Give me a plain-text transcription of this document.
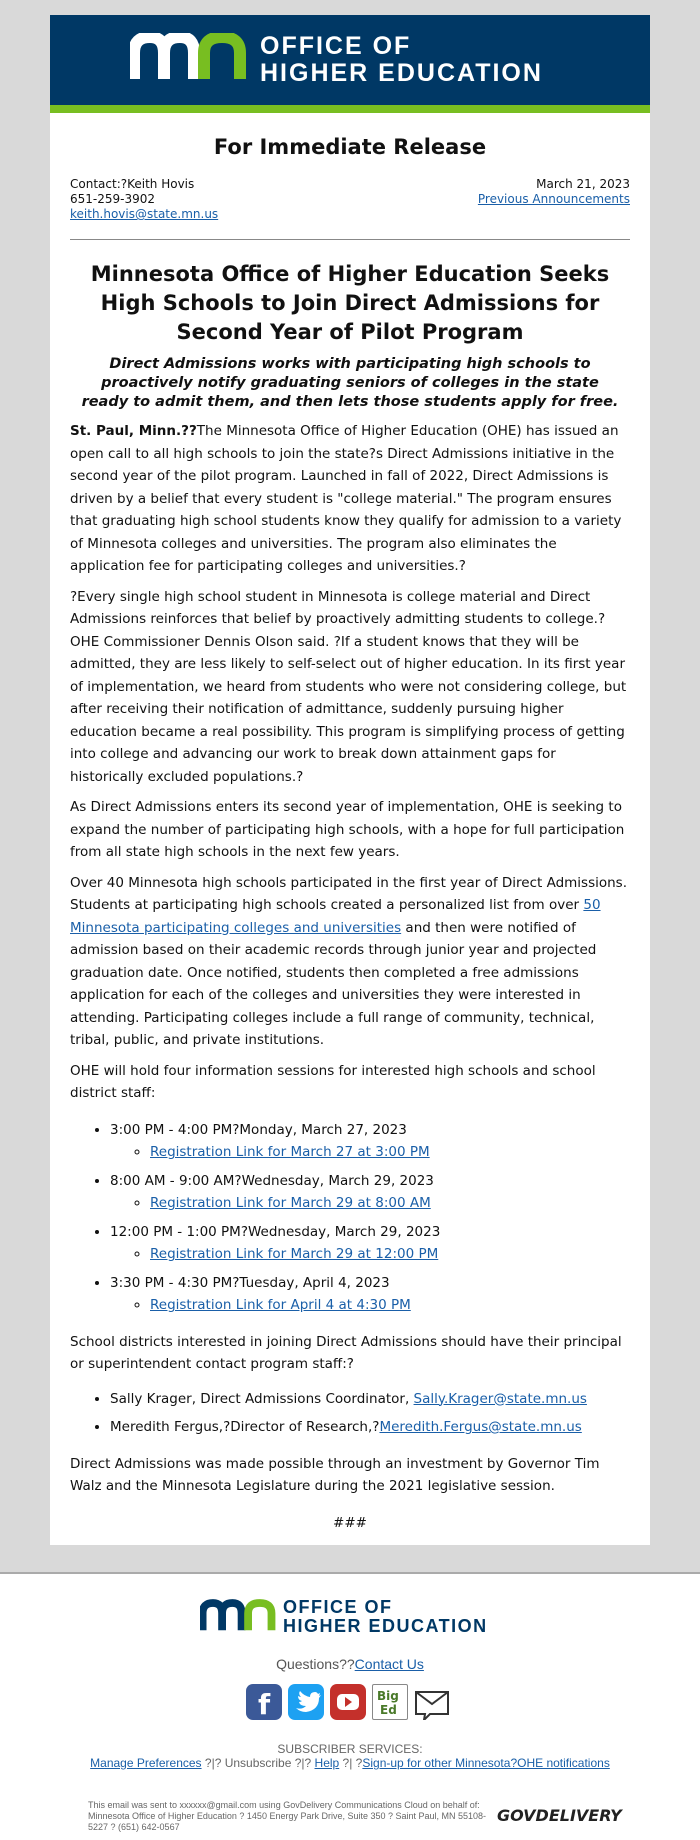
OFFICE OF
HIGHER EDUCATION
For Immediate Release
Contact:?Keith Hovis
651-259-3902
keith.hovis@state.mn.us
March 21, 2023
Previous Announcements
Minnesota Office of Higher Education Seeks High Schools to Join Direct Admissions for Second Year of Pilot Program
Direct Admissions works with participating high schools to proactively notify graduating seniors of colleges in the state ready to admit them, and then lets those students apply for free.

St. Paul, Minn.??The Minnesota Office of Higher Education (OHE) has issued an open call to all high schools to join the state?s Direct Admissions initiative in the second year of the pilot program. Launched in fall of 2022, Direct Admissions is driven by a belief that every student is "college material." The program ensures that graduating high school students know they qualify for admission to a variety of Minnesota colleges and universities. The program also eliminates the application fee for participating colleges and universities.?

?Every single high school student in Minnesota is college material and Direct Admissions reinforces that belief by proactively admitting students to college.? OHE Commissioner Dennis Olson said. ?If a student knows that they will be admitted, they are less likely to self-select out of higher education. In its first year of implementation, we heard from students who were not considering college, but after receiving their notification of admittance, suddenly pursuing higher education became a real possibility. This program is simplifying process of getting into college and advancing our work to break down attainment gaps for historically excluded populations.?

As Direct Admissions enters its second year of implementation, OHE is seeking to expand the number of participating high schools, with a hope for full participation from all state high schools in the next few years.

Over 40 Minnesota high schools participated in the first year of Direct Admissions. Students at participating high schools created a personalized list from over 50 Minnesota participating colleges and universities and then were notified of admission based on their academic records through junior year and projected graduation date. Once notified, students then completed a free admissions application for each of the colleges and universities they were interested in attending. Participating colleges include a full range of community, technical, tribal, public, and private institutions.

OHE will hold four information sessions for interested high schools and school district staff:

• 3:00 PM - 4:00 PM?Monday, March 27, 2023
◦ Registration Link for March 27 at 3:00 PM
• 8:00 AM - 9:00 AM?Wednesday, March 29, 2023
◦ Registration Link for March 29 at 8:00 AM
• 12:00 PM - 1:00 PM?Wednesday, March 29, 2023
◦ Registration Link for March 29 at 12:00 PM
• 3:30 PM - 4:30 PM?Tuesday, April 4, 2023
◦ Registration Link for April 4 at 4:30 PM

School districts interested in joining Direct Admissions should have their principal or superintendent contact program staff:?

• Sally Krager, Direct Admissions Coordinator, Sally.Krager@state.mn.us
• Meredith Fergus,?Director of Research,?Meredith.Fergus@state.mn.us

Direct Admissions was made possible through an investment by Governor Tim Walz and the Minnesota Legislature during the 2021 legislative session.

###
OFFICE OF
HIGHER EDUCATION
Questions??Contact Us
f	Big
Ed
SUBSCRIBER SERVICES:
Manage Preferences ?|? Unsubscribe ?|? Help ?| ?Sign-up for other Minnesota?OHE notifications
This email was sent to xxxxxx@gmail.com using GovDelivery Communications Cloud on behalf of: Minnesota Office of Higher Education ? 1450 Energy Park Drive, Suite 350 ? Saint Paul, MN 55108-5227 ? (651) 642-0567
GOVDELIVERY
